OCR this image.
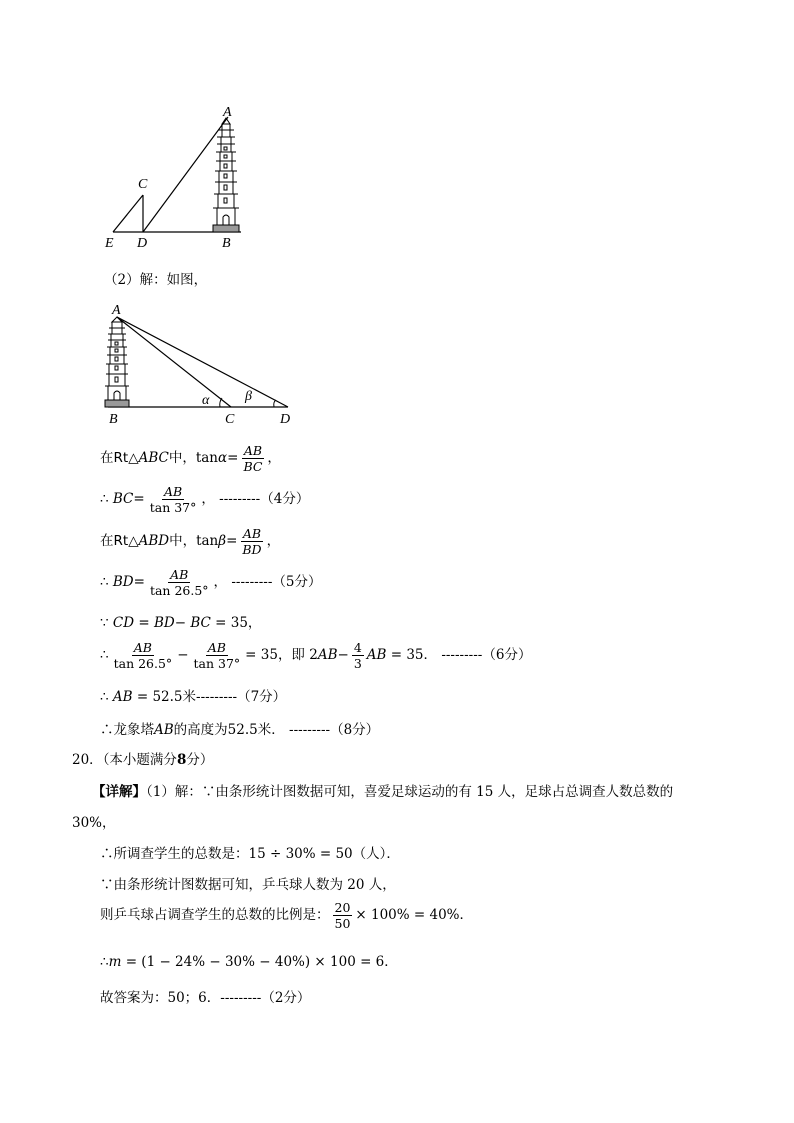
A
C
E D	B
（2）解：如图，
A
B	C	D
α	β
在Rt△ABC中，$\tan\alpha= \frac{AB}{BC}$ ，
∴ $BC= \frac{AB}{\tan 37^\circ}$ ， ---------（4分）
在Rt△ABD中，$\tan\beta= \frac{AB}{BD}$ ，
∴ $BD= \frac{AB}{\tan 26.5^\circ}$ ， ---------（5分）
∵ CD = BD− BC = 35，
∴ $\frac{AB}{\tan 26.5^\circ} - \frac{AB}{\tan 37^\circ} = 35$，即 $2AB- \frac{4}{3}$ AB = 35． ---------（6分）
∴ AB = 52.5米---------（7分）
∴龙象塔AB的高度为52.5米． ---------（8分）
20．（本小题满分8分）
【详解】（1）解：∵由条形统计图数据可知，喜爱足球运动的有 15 人，足球占总调查人数总数的
30%，
∴所调查学生的总数是：15 ÷ 30% = 50（人）．
∵由条形统计图数据可知，乒乓球人数为 20 人，
则乒乓球占调查学生的总数的比例是： $\frac{20}{50} \times 100\% = 40\%$．
∴m = (1 − 24% − 30% − 40%) × 100 = 6．
故答案为：50；6．---------（2分）
